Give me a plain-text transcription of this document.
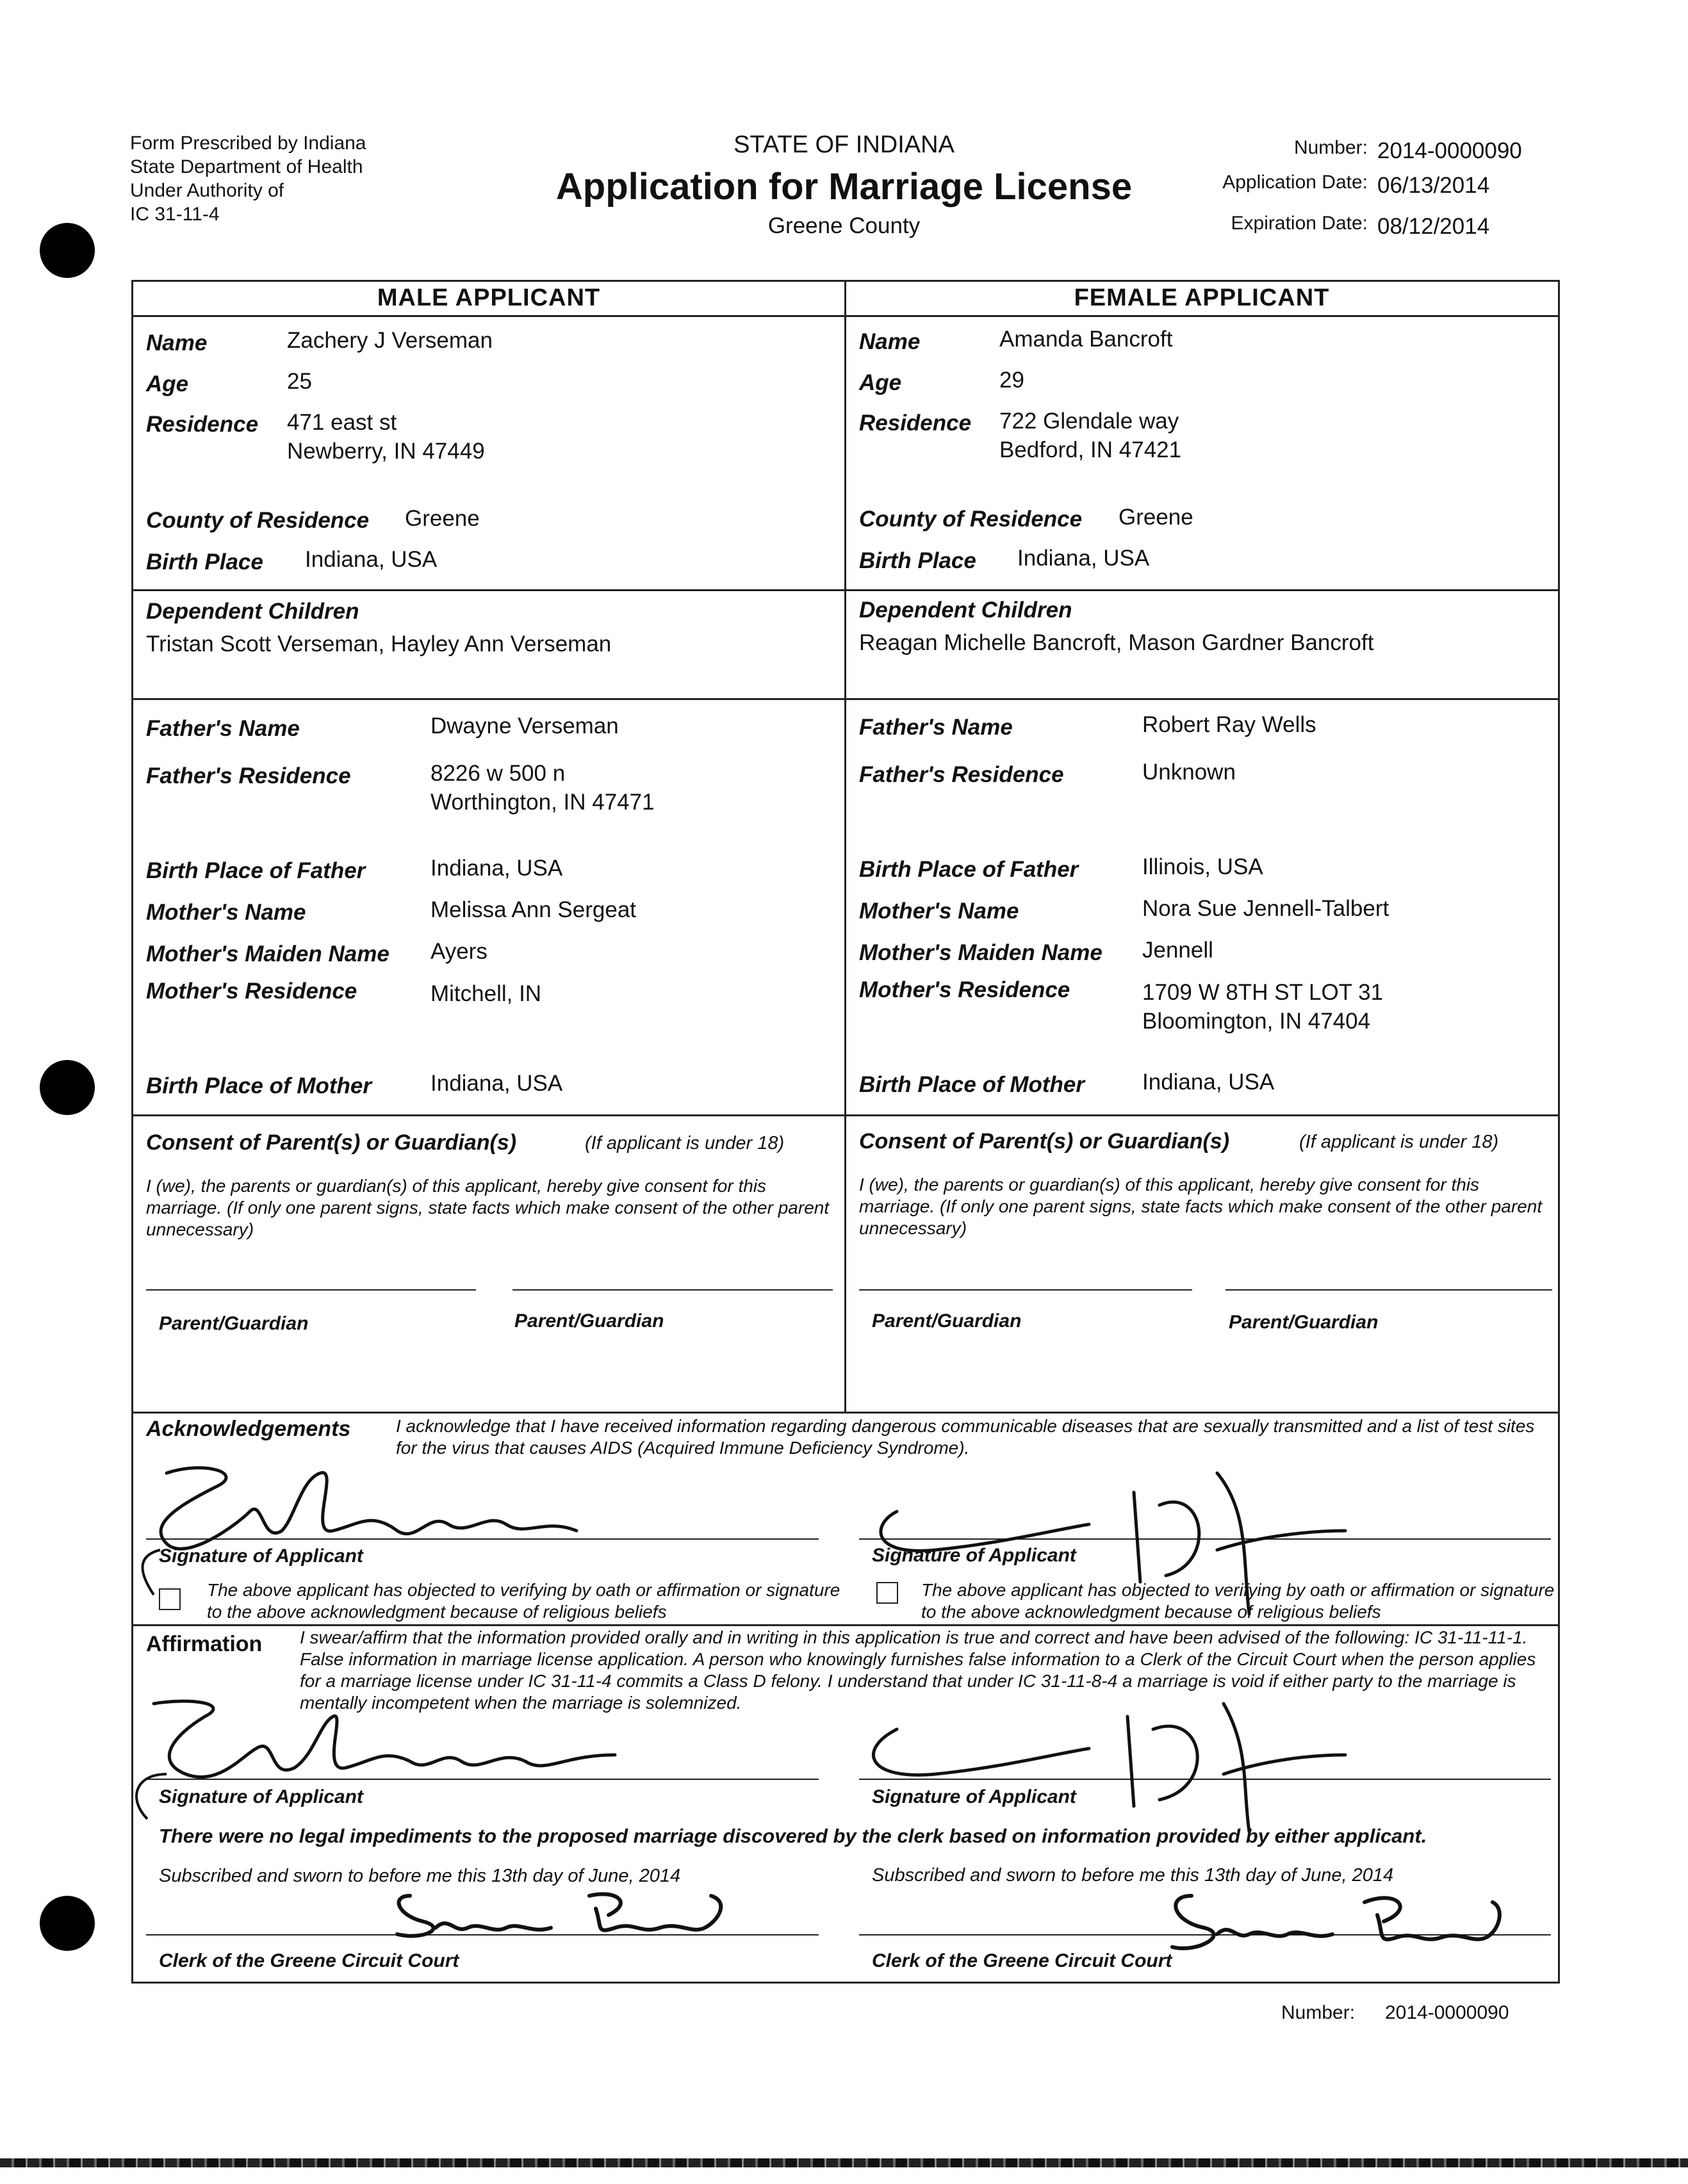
Form Prescribed by Indiana
State Department of Health
Under Authority of
IC 31-11-4
STATE OF INDIANA
Application for Marriage License
Greene County
Number: 2014-0000090
Application Date: 06/13/2014
Expiration Date: 08/12/2014
MALE APPLICANT	FEMALE APPLICANT
Name	Zachery J Verseman
Age	25
Residence 471 east st
Newberry, IN 47449
County of Residence Greene
Birth Place Indiana, USA
Name	Amanda Bancroft
Age	29
Residence 722 Glendale way
Bedford, IN 47421
County of Residence Greene
Birth Place Indiana, USA
Dependent Children
Tristan Scott Verseman, Hayley Ann Verseman
Dependent Children
Reagan Michelle Bancroft, Mason Gardner Bancroft
Father's Name	Dwayne Verseman
Father's Residence	8226 w 500 n
Worthington, IN 47471
Birth Place of Father	Indiana, USA
Mother's Name	Melissa Ann Sergeat
Mother's Maiden Name Ayers
Mother's Residence	Mitchell, IN
Birth Place of Mother	Indiana, USA
Father's Name	Robert Ray Wells
Father's Residence	Unknown
Birth Place of Father	Illinois, USA
Mother's Name	Nora Sue Jennell-Talbert
Mother's Maiden Name Jennell
Mother's Residence	1709 W 8TH ST LOT 31
Bloomington, IN 47404
Birth Place of Mother	Indiana, USA
Consent of Parent(s) or Guardian(s)	(If applicant is under 18)
I (we), the parents or guardian(s) of this applicant, hereby give consent for this marriage. (If only one parent signs, state facts which make consent of the other parent unnecessary)
Parent/Guardian	Parent/Guardian
Consent of Parent(s) or Guardian(s)	(If applicant is under 18)
I (we), the parents or guardian(s) of this applicant, hereby give consent for this marriage. (If only one parent signs, state facts which make consent of the other parent unnecessary)
Parent/Guardian	Parent/Guardian
Acknowledgements	I acknowledge that I have received information regarding dangerous communicable diseases that are sexually transmitted and a list of test sites for the virus that causes AIDS (Acquired Immune Deficiency Syndrome).
Signature of Applicant	Signature of Applicant
The above applicant has objected to verifying by oath or affirmation or signature to the above acknowledgment because of religious beliefs
The above applicant has objected to verifying by oath or affirmation or signature to the above acknowledgment because of religious beliefs
Affirmation I swear/affirm that the information provided orally and in writing in this application is true and correct and have been advised of the following: IC 31-11-11-1. False information in marriage license application. A person who knowingly furnishes false information to a Clerk of the Circuit Court when the person applies for a marriage license under IC 31-11-4 commits a Class D felony. I understand that under IC 31-11-8-4 a marriage is void if either party to the marriage is mentally incompetent when the marriage is solemnized.
Signature of Applicant	Signature of Applicant
There were no legal impediments to the proposed marriage discovered by the clerk based on information provided by either applicant.
Subscribed and sworn to before me this 13th day of June, 2014	Subscribed and sworn to before me this 13th day of June, 2014
Clerk of the Greene Circuit Court	Clerk of the Greene Circuit Court
Number: 2014-0000090
